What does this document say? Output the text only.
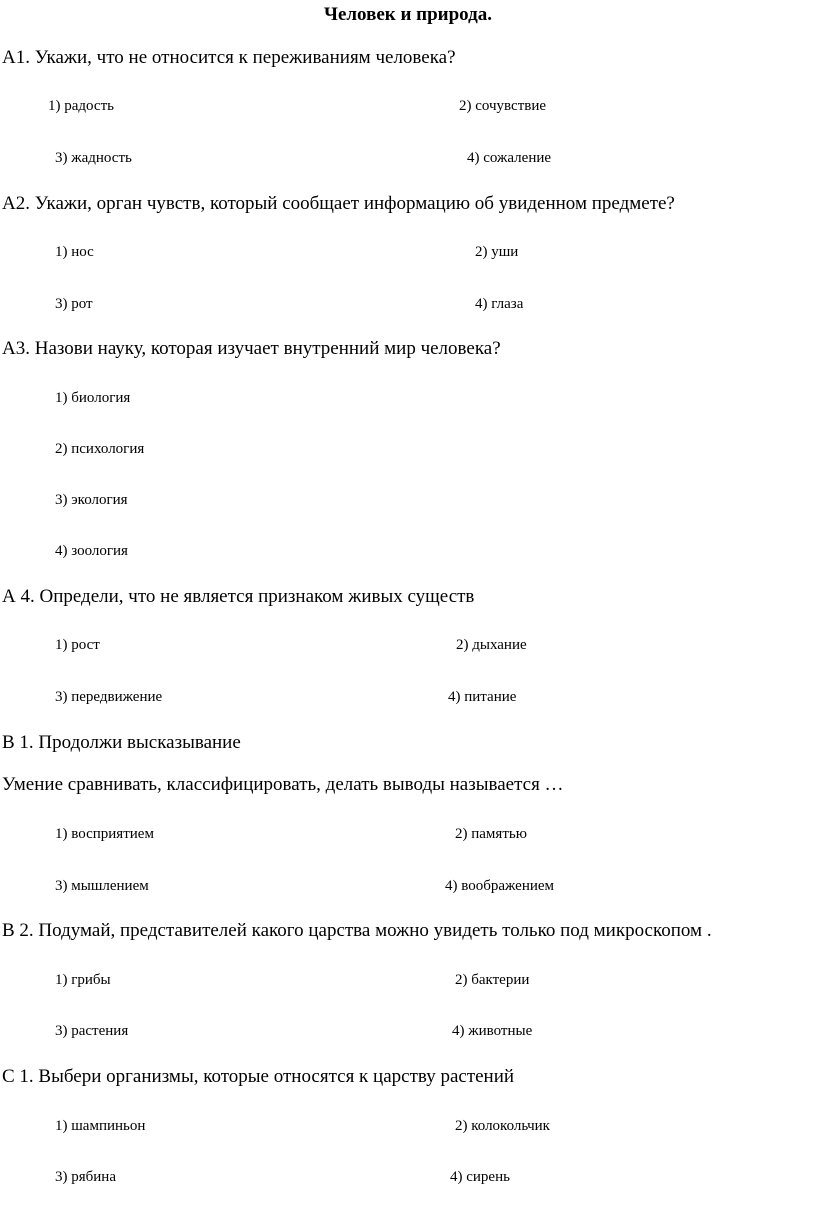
Человек и природа.
А1. Укажи, что не относится к переживаниям человека?
1) радость	2) сочувствие
3) жадность	4) сожаление
А2. Укажи, орган чувств, который сообщает информацию об увиденном предмете?
1) нос	2) уши
3) рот	4) глаза
А3. Назови науку, которая изучает внутренний мир человека?
1) биология
2) психология
3) экология
4) зоология
А 4. Определи, что не является признаком живых существ
1) рост	2) дыхание
3) передвижение	4) питание
В 1. Продолжи высказывание
Умение сравнивать, классифицировать, делать выводы называется …
1) восприятием	2) памятью
3) мышлением	4) воображением
В 2. Подумай, представителей какого царства можно увидеть только под микроскопом .
1) грибы	2) бактерии
3) растения	4) животные
С 1. Выбери организмы, которые относятся к царству растений
1) шампиньон	2) колокольчик
3) рябина	4) сирень
